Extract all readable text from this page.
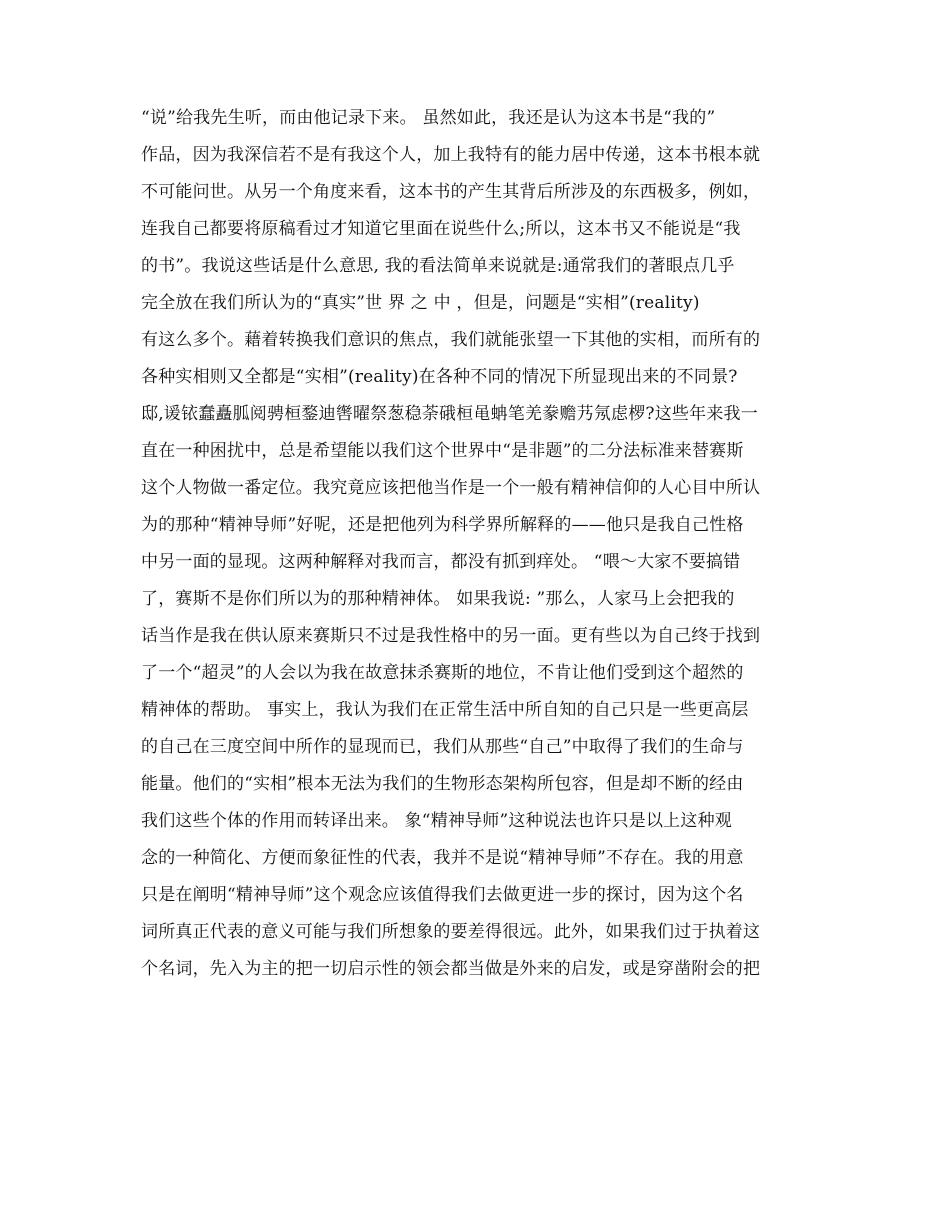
“说”给我先生听，而由他记录下来。 虽然如此，我还是认为这本书是“我的”
作品，因为我深信若不是有我这个人，加上我特有的能力居中传递，这本书根本就
不可能问世。从另一个角度来看，这本书的产生其背后所涉及的东西极多，例如，
连我自己都要将原稿看过才知道它里面在说些什么;所以，这本书又不能说是“我
的书”。我说这些话是什么意思, 我的看法简单来说就是:通常我们的著眼点几乎
完全放在我们所认为的“真实”世 界 之 中 ，但是，问题是“实相”(reality)
有这么多个。藉着转换我们意识的焦点，我们就能张望一下其他的实相，而所有的
各种实相则又全都是“实相”(reality)在各种不同的情况下所显现出来的不同景?
邸,谖铱蠢矗胍阅骋桓鍪迪辔曜祭葱稳荼硪桓黾蚺笔羌豢赡艿氖虑椤?这些年来我一
直在一种困扰中，总是希望能以我们这个世界中“是非题”的二分法标准来替赛斯
这个人物做一番定位。我究竟应该把他当作是一个一般有精神信仰的人心目中所认
为的那种“精神导师”好呢，还是把他列为科学界所解释的——他只是我自己性格
中另一面的显现。这两种解释对我而言，都没有抓到痒处。 “喂～大家不要搞错
了，赛斯不是你们所以为的那种精神体。 如果我说: ”那么，人家马上会把我的
话当作是我在供认原来赛斯只不过是我性格中的另一面。更有些以为自己终于找到
了一个“超灵”的人会以为我在故意抹杀赛斯的地位，不肯让他们受到这个超然的
精神体的帮助。 事实上，我认为我们在正常生活中所自知的自己只是一些更高层
的自己在三度空间中所作的显现而已，我们从那些“自己”中取得了我们的生命与
能量。他们的“实相”根本无法为我们的生物形态架构所包容，但是却不断的经由
我们这些个体的作用而转译出来。 象“精神导师”这种说法也许只是以上这种观
念的一种简化、方便而象征性的代表，我并不是说“精神导师”不存在。我的用意
只是在阐明“精神导师”这个观念应该值得我们去做更进一步的探讨，因为这个名
词所真正代表的意义可能与我们所想象的要差得很远。此外，如果我们过于执着这
个名词，先入为主的把一切启示性的领会都当做是外来的启发，或是穿凿附会的把
